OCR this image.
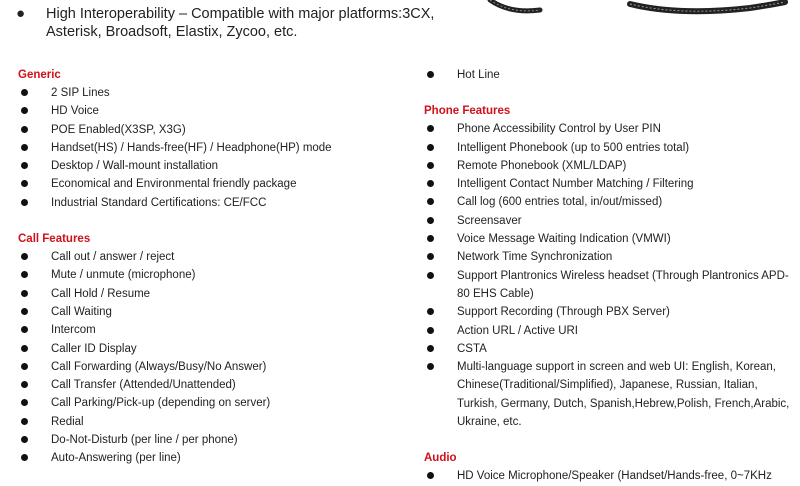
● High Interoperability – Compatible with major platforms:3CX, Asterisk, Broadsoft, Elastix, Zycoo, etc.
Generic
2 SIP Lines
HD Voice
POE Enabled(X3SP, X3G)
Handset(HS) / Hands-free(HF) / Headphone(HP) mode
Desktop / Wall-mount installation
Economical and Environmental friendly package
Industrial Standard Certifications: CE/FCC
Call Features
Call out / answer / reject
Mute / unmute (microphone)
Call Hold / Resume
Call Waiting
Intercom
Caller ID Display
Call Forwarding (Always/Busy/No Answer)
Call Transfer (Attended/Unattended)
Call Parking/Pick-up (depending on server)
Redial
Do-Not-Disturb (per line / per phone)
Auto-Answering (per line)
Hot Line
Phone Features
Phone Accessibility Control by User PIN
Intelligent Phonebook (up to 500 entries total)
Remote Phonebook (XML/LDAP)
Intelligent Contact Number Matching / Filtering
Call log (600 entries total, in/out/missed)
Screensaver
Voice Message Waiting Indication (VMWI)
Network Time Synchronization
Support Plantronics Wireless headset (Through Plantronics APD-80 EHS Cable)
Support Recording (Through PBX Server)
Action URL / Active URI
CSTA
Multi-language support in screen and web UI: English, Korean, Chinese(Traditional/Simplified), Japanese, Russian, Italian, Turkish, Germany, Dutch, Spanish,Hebrew,Polish, French,Arabic, Ukraine, etc.
Audio
HD Voice Microphone/Speaker (Handset/Hands-free, 0~7KHz
